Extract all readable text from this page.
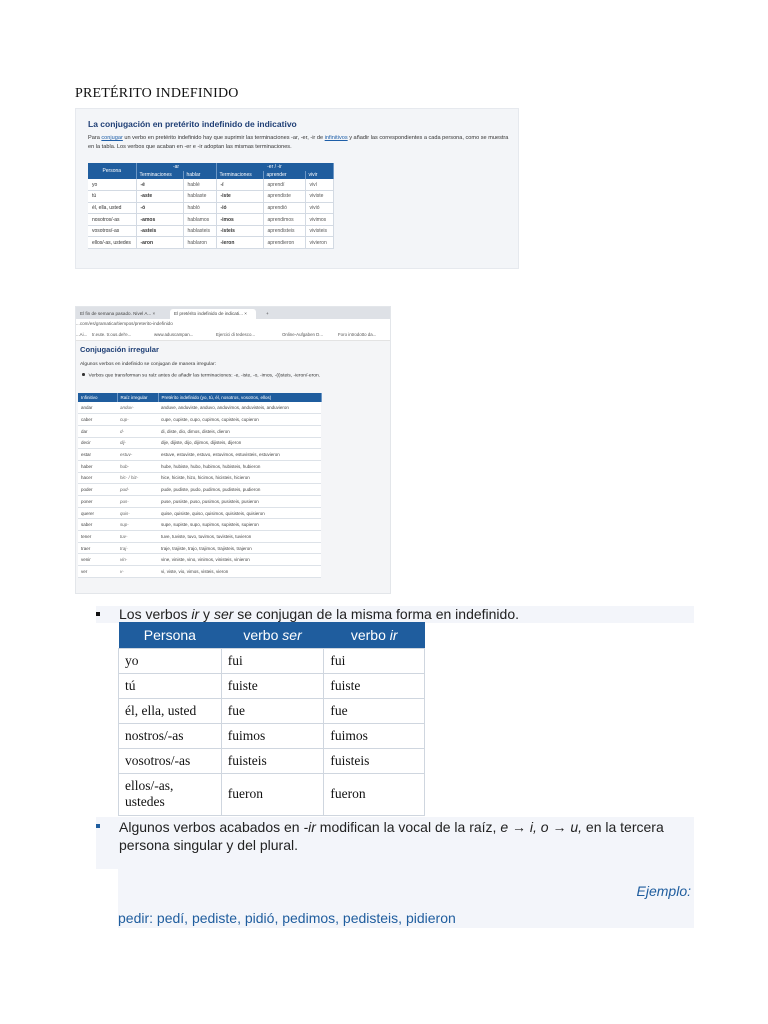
PRETÉRITO INDEFINIDO
La conjugación en pretérito indefinido de indicativo
Para conjugar un verbo en pretérito indefinido hay que suprimir las terminaciones -ar, -er, -ir de infinitivos y añadir las correspondientes a cada persona, como se muestra en la tabla. Los verbos que acaban en -er e -ir adoptan las mismas terminaciones.
Persona	-ar		-er / -ir		
	Terminaciones	hablar	Terminaciones	aprender	vivir
yo	-é	hablé	-í	aprendí	viví
tú	-aste	hablaste	-iste	aprendiste	viviste
él, ella, usted	-ó	habló	-ió	aprendió	vivió
nosotros/-as	-amos	hablamos	-imos	aprendimos	vivimos
vosotros/-as	-asteis	hablasteis	-isteis	aprendisteis	vivisteis
ellos/-as, ustedes	-aron	hablaron	-ieron	aprendieron	vivieron
El fin de semana pasado. Nivel A... ×	El pretérito indefinido de indicati... ×	+
...com/es/gramatica/tiempos/preterito-indefinido
...Ai... tr.eute. tr.ous.del'e...	www.aduscampan...	Ejercici di tedesco...	Online-Aufgaben D...	Foro introdotto da...
Conjugación irregular
Algunos verbos en indefinido se conjugan de manera irregular:
Verbos que transforman su raíz antes de añadir las terminaciones: -e, -iste, -o, -imos, -(i)steis, -ieron/-eron.
Infinitivo	Raíz irregular	Pretérito indefinido (yo, tú, él, nosotros, vosotros, ellos)
andar	anduv-	anduve, anduviste, anduvo, anduvimos, anduvisteis, anduvieron
caber	cup-	cupe, cupiste, cupo, cupimos, cupisteis, cupieron
dar	d-	di, diste, dio, dimos, disteis, dieron
decir	dij-	dije, dijiste, dijo, dijimos, dijisteis, dijeron
estar	estuv-	estuve, estuviste, estuvo, estuvimos, estuvisteis, estuvieron
haber	hub-	hube, hubiste, hubo, hubimos, hubisteis, hubieron
hacer	hic- / hiz-	hice, hiciste, hizo, hicimos, hicisteis, hicieron
poder	pud-	pude, pudiste, pudo, pudimos, pudisteis, pudieron
poner	pus-	puse, pusiste, puso, pusimos, pusisteis, pusieron
querer	quis-	quise, quisiste, quiso, quisimos, quisisteis, quisieron
saber	sup-	supe, supiste, supo, supimos, supisteis, supieron
tener	tuv-	tuve, tuviste, tuvo, tuvimos, tuvisteis, tuvieron
traer	traj-	traje, trajiste, trajo, trajimos, trajisteis, trajeron
venir	vin-	vine, viniste, vino, vinimos, vinisteis, vinieron
ver	v-	vi, viste, vio, vimos, visteis, vieron
Los verbos ir y ser se conjugan de la misma forma en indefinido.
Persona	verbo ser	verbo ir
yo	fui	fui
tú	fuiste	fuiste
él, ella, usted	fue	fue
nostros/-as	fuimos	fuimos
vosotros/-as	fuisteis	fuisteis
ellos/-as, ustedes	fueron	fueron
Algunos verbos acabados en -ir modifican la vocal de la raíz, e → i, o → u, en la tercera persona singular y del plural.
Ejemplo:
pedir: pedí, pediste, pidió, pedimos, pedisteis, pidieron
